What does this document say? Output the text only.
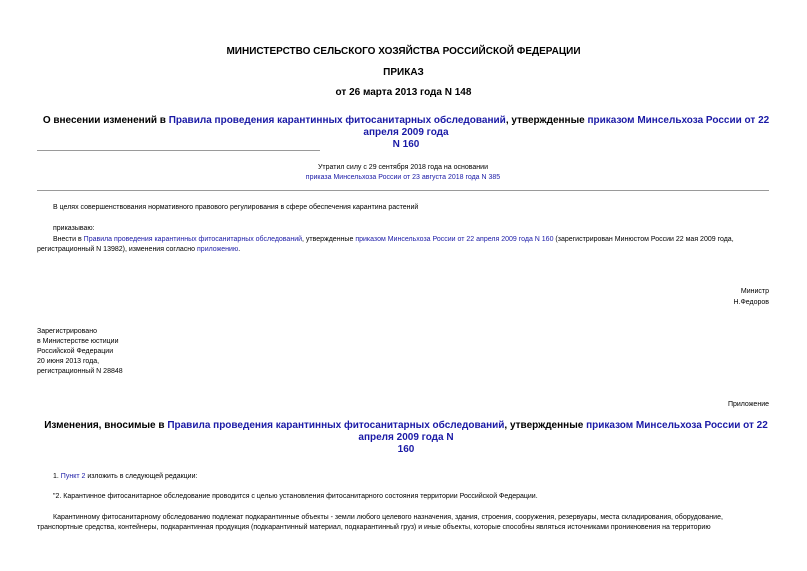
МИНИСТЕРСТВО СЕЛЬСКОГО ХОЗЯЙСТВА РОССИЙСКОЙ ФЕДЕРАЦИИ
ПРИКАЗ
от 26 марта 2013 года N 148
О внесении изменений в Правила проведения карантинных фитосанитарных обследований, утвержденные приказом Минсельхоза России от 22 апреля 2009 года
N 160
Утратил силу с 29 сентября 2018 года на основании
приказа Минсельхоза России от 23 августа 2018 года N 385
В целях совершенствования нормативного правового регулирования в сфере обеспечения карантина растений
приказываю:
Внести в Правила проведения карантинных фитосанитарных обследований, утвержденные приказом Минсельхоза России от 22 апреля 2009 года N 160 (зарегистрирован Минюстом России 22 мая 2009 года,
регистрационный N 13982), изменения согласно приложению.
Министр
Н.Федоров
Зарегистрировано
в Министерстве юстиции
Российской Федерации
20 июня 2013 года,
регистрационный N 28848
Приложение
Изменения, вносимые в Правила проведения карантинных фитосанитарных обследований, утвержденные приказом Минсельхоза России от 22 апреля 2009 года N
160
1. Пункт 2 изложить в следующей редакции:
"2. Карантинное фитосанитарное обследование проводится с целью установления фитосанитарного состояния территории Российской Федерации.
Карантинному фитосанитарному обследованию подлежат подкарантинные объекты - земли любого целевого назначения, здания, строения, сооружения, резервуары, места складирования, оборудование,
транспортные средства, контейнеры, подкарантинная продукция (подкарантинный материал, подкарантинный груз) и иные объекты, которые способны являться источниками проникновения на территорию
